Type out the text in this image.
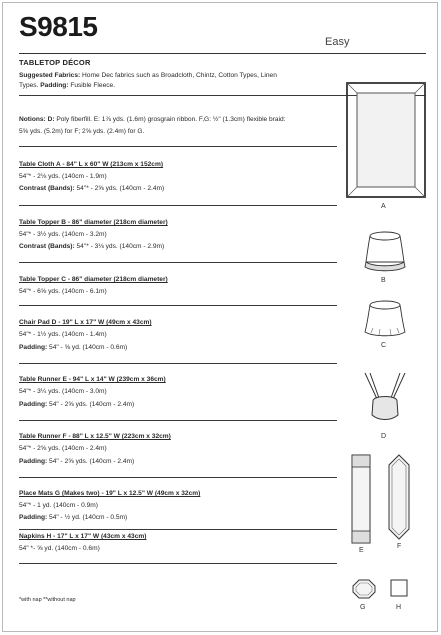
S9815	Easy
TABLETOP DÉCOR
Suggested Fabrics: Home Dec fabrics such as Broadcloth, Chintz, Cotton Types, Linen
Types. Padding: Fusible Fleece.
Notions: D: Poly fiberfill. E: 1⅞ yds. (1.6m) grosgrain ribbon. F,G: ½" (1.3cm) flexible braid:
5⅝ yds. (5.2m) for F; 2⅝ yds. (2.4m) for G.
Table Cloth A - 84" L x 60" W (213cm x 152cm)
54"* - 2⅛ yds. (140cm - 1.9m)
Contrast (Bands): 54"* - 2⅝ yds. (140cm - 2.4m)
Table Topper B - 86" diameter (218cm diameter)
54"* - 3½ yds. (140cm - 3.2m)
Contrast (Bands): 54"* - 3⅛ yds. (140cm - 2.9m)
Table Topper C - 86" diameter (218cm diameter)
54"* - 6⅝ yds. (140cm - 6.1m)
Chair Pad D - 19" L x 17" W (49cm x 43cm)
54"* - 1½ yds. (140cm - 1.4m)
Padding: 54" - ⅝ yd. (140cm - 0.6m)
Table Runner E - 94" L x 14" W (239cm x 36cm)
54"* - 3¼ yds. (140cm - 3.0m)
Padding: 54" - 2⅝ yds. (140cm - 2.4m)
Table Runner F - 88" L x 12.5" W (223cm x 32cm)
54"* - 2⅝ yds. (140cm - 2.4m)
Padding: 54" - 2⅝ yds. (140cm - 2.4m)
Place Mats G (Makes two) - 19" L x 12.5" W (49cm x 32cm)
54"* - 1 yd. (140cm - 0.9m)
Padding: 54" - ½ yd. (140cm - 0.5m)
Napkins H - 17" L x 17" W (43cm x 43cm)
54" *- ⅝ yd. (140cm - 0.6m)
*with nap **without nap
A
B
C
D
E
F
G	H
